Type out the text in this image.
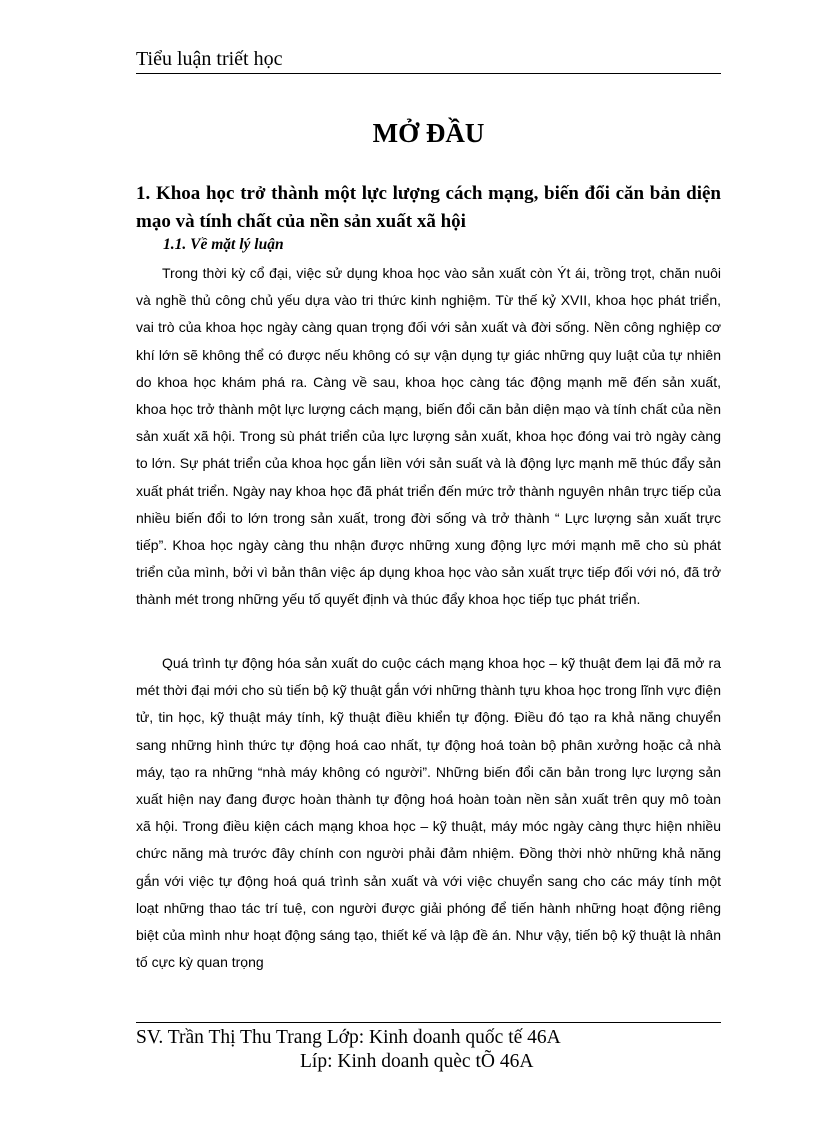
Tiểu luận triết học
MỞ ĐẦU
1. Khoa học trở thành một lực lượng cách mạng, biến đổi căn bản diện mạo và tính chất của nền sản xuất xã hội
1.1. Về mặt lý luận

Trong thời kỳ cổ đại, việc sử dụng khoa học vào sản xuất còn Ýt ái, trồng trọt, chăn nuôi và nghề thủ công chủ yếu dựa vào tri thức kinh nghiệm. Từ thế kỷ XVII, khoa học phát triển, vai trò của khoa học ngày càng quan trọng đối với sản xuất và đời sống. Nền công nghiệp cơ khí lớn sẽ không thể có được nếu không có sự vận dụng tự giác những quy luật của tự nhiên do khoa học khám phá ra. Càng về sau, khoa học càng tác động mạnh mẽ đến sản xuất, khoa học trở thành một lực lượng cách mạng, biến đổi căn bản diện mạo và tính chất của nền sản xuất xã hội. Trong sù phát triển của lực lượng sản xuất, khoa học đóng vai trò ngày càng to lớn. Sự phát triển của khoa học gắn liền với sản suất và là động lực mạnh mẽ thúc đẩy sản xuất phát triển. Ngày nay khoa học đã phát triển đến mức trở thành nguyên nhân trực tiếp của nhiều biến đổi to lớn trong sản xuất, trong đời sống và trở thành “ Lực lượng sản xuất trực tiếp”. Khoa học ngày càng thu nhận được những xung động lực mới mạnh mẽ cho sù phát triển của mình, bởi vì bản thân việc áp dụng khoa học vào sản xuất trực tiếp đối với nó, đã trở thành mét trong những yếu tố quyết định và thúc đẩy khoa học tiếp tục phát triển.

Quá trình tự động hóa sản xuất do cuộc cách mạng khoa học – kỹ thuật đem lại đã mở ra mét thời đại mới cho sù tiến bộ kỹ thuật gắn với những thành tựu khoa học trong lĩnh vực điện tử, tin học, kỹ thuật máy tính, kỹ thuật điều khiển tự động. Điều đó tạo ra khả năng chuyển sang những hình thức tự động hoá cao nhất, tự động hoá toàn bộ phân xưởng hoặc cả nhà máy, tạo ra những “nhà máy không có người”. Những biến đổi căn bản trong lực lượng sản xuất hiện nay đang được hoàn thành tự động hoá hoàn toàn nền sản xuất trên quy mô toàn xã hội. Trong điều kiện cách mạng khoa học – kỹ thuật, máy móc ngày càng thực hiện nhiều chức năng mà trước đây chính con người phải đảm nhiệm. Đồng thời nhờ những khả năng gắn với việc tự động hoá quá trình sản xuất và với việc chuyển sang cho các máy tính một loạt những thao tác trí tuệ, con người được giải phóng để tiến hành những hoạt động riêng biệt của mình như hoạt động sáng tạo, thiết kế và lập đề án. Như vậy, tiến bộ kỹ thuật là nhân tố cực kỳ quan trọng

SV. Trần Thị Thu Trang Lớp: Kinh doanh quốc tế 46A
Líp: Kinh doanh quèc tÕ 46A
